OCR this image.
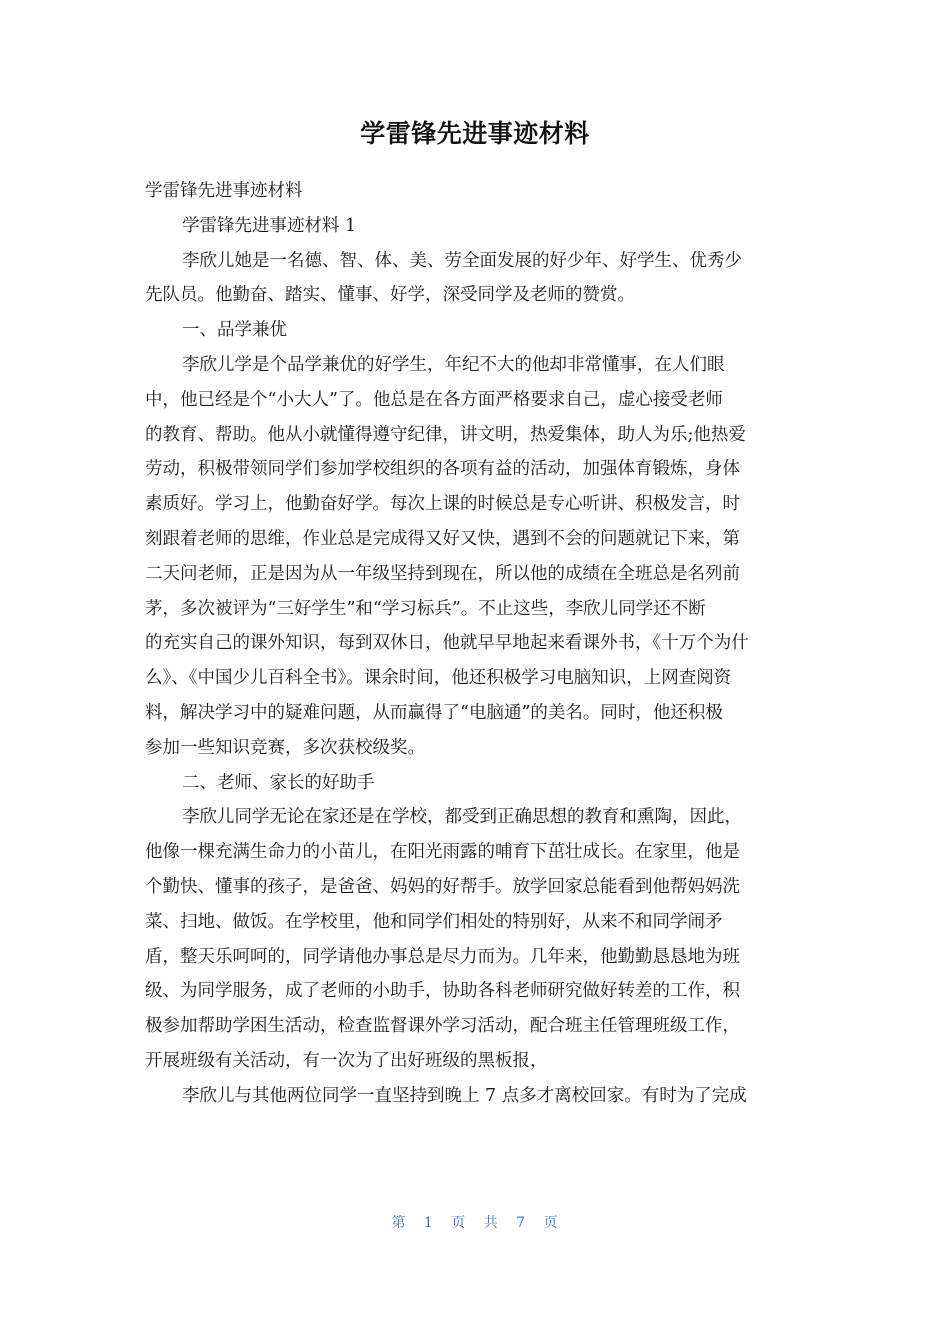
学雷锋先进事迹材料
学雷锋先进事迹材料
学雷锋先进事迹材料 1
李欣儿她是一名德、智、体、美、劳全面发展的好少年、好学生、优秀少
先队员。他勤奋、踏实、懂事、好学，深受同学及老师的赞赏。
一、品学兼优
李欣儿学是个品学兼优的好学生，年纪不大的他却非常懂事，在人们眼
中，他已经是个“小大人”了。他总是在各方面严格要求自己，虚心接受老师
的教育、帮助。他从小就懂得遵守纪律，讲文明，热爱集体，助人为乐;他热爱
劳动，积极带领同学们参加学校组织的各项有益的活动，加强体育锻炼，身体
素质好。学习上，他勤奋好学。每次上课的时候总是专心听讲、积极发言，时
刻跟着老师的思维，作业总是完成得又好又快，遇到不会的问题就记下来，第
二天问老师，正是因为从一年级坚持到现在，所以他的成绩在全班总是名列前
茅，多次被评为“三好学生”和“学习标兵”。不止这些，李欣儿同学还不断
的充实自己的课外知识，每到双休日，他就早早地起来看课外书，《十万个为什
么》、《中国少儿百科全书》。课余时间，他还积极学习电脑知识，上网查阅资
料，解决学习中的疑难问题，从而赢得了“电脑通”的美名。同时，他还积极
参加一些知识竞赛，多次获校级奖。
二、老师、家长的好助手
李欣儿同学无论在家还是在学校，都受到正确思想的教育和熏陶，因此，
他像一棵充满生命力的小苗儿，在阳光雨露的哺育下茁壮成长。在家里，他是
个勤快、懂事的孩子，是爸爸、妈妈的好帮手。放学回家总能看到他帮妈妈洗
菜、扫地、做饭。在学校里，他和同学们相处的特别好，从来不和同学闹矛
盾，整天乐呵呵的，同学请他办事总是尽力而为。几年来，他勤勤恳恳地为班
级、为同学服务，成了老师的小助手，协助各科老师研究做好转差的工作，积
极参加帮助学困生活动，检查监督课外学习活动，配合班主任管理班级工作，
开展班级有关活动，有一次为了出好班级的黑板报，
李欣儿与其他两位同学一直坚持到晚上 7 点多才离校回家。有时为了完成
第 1 页 共 7 页
